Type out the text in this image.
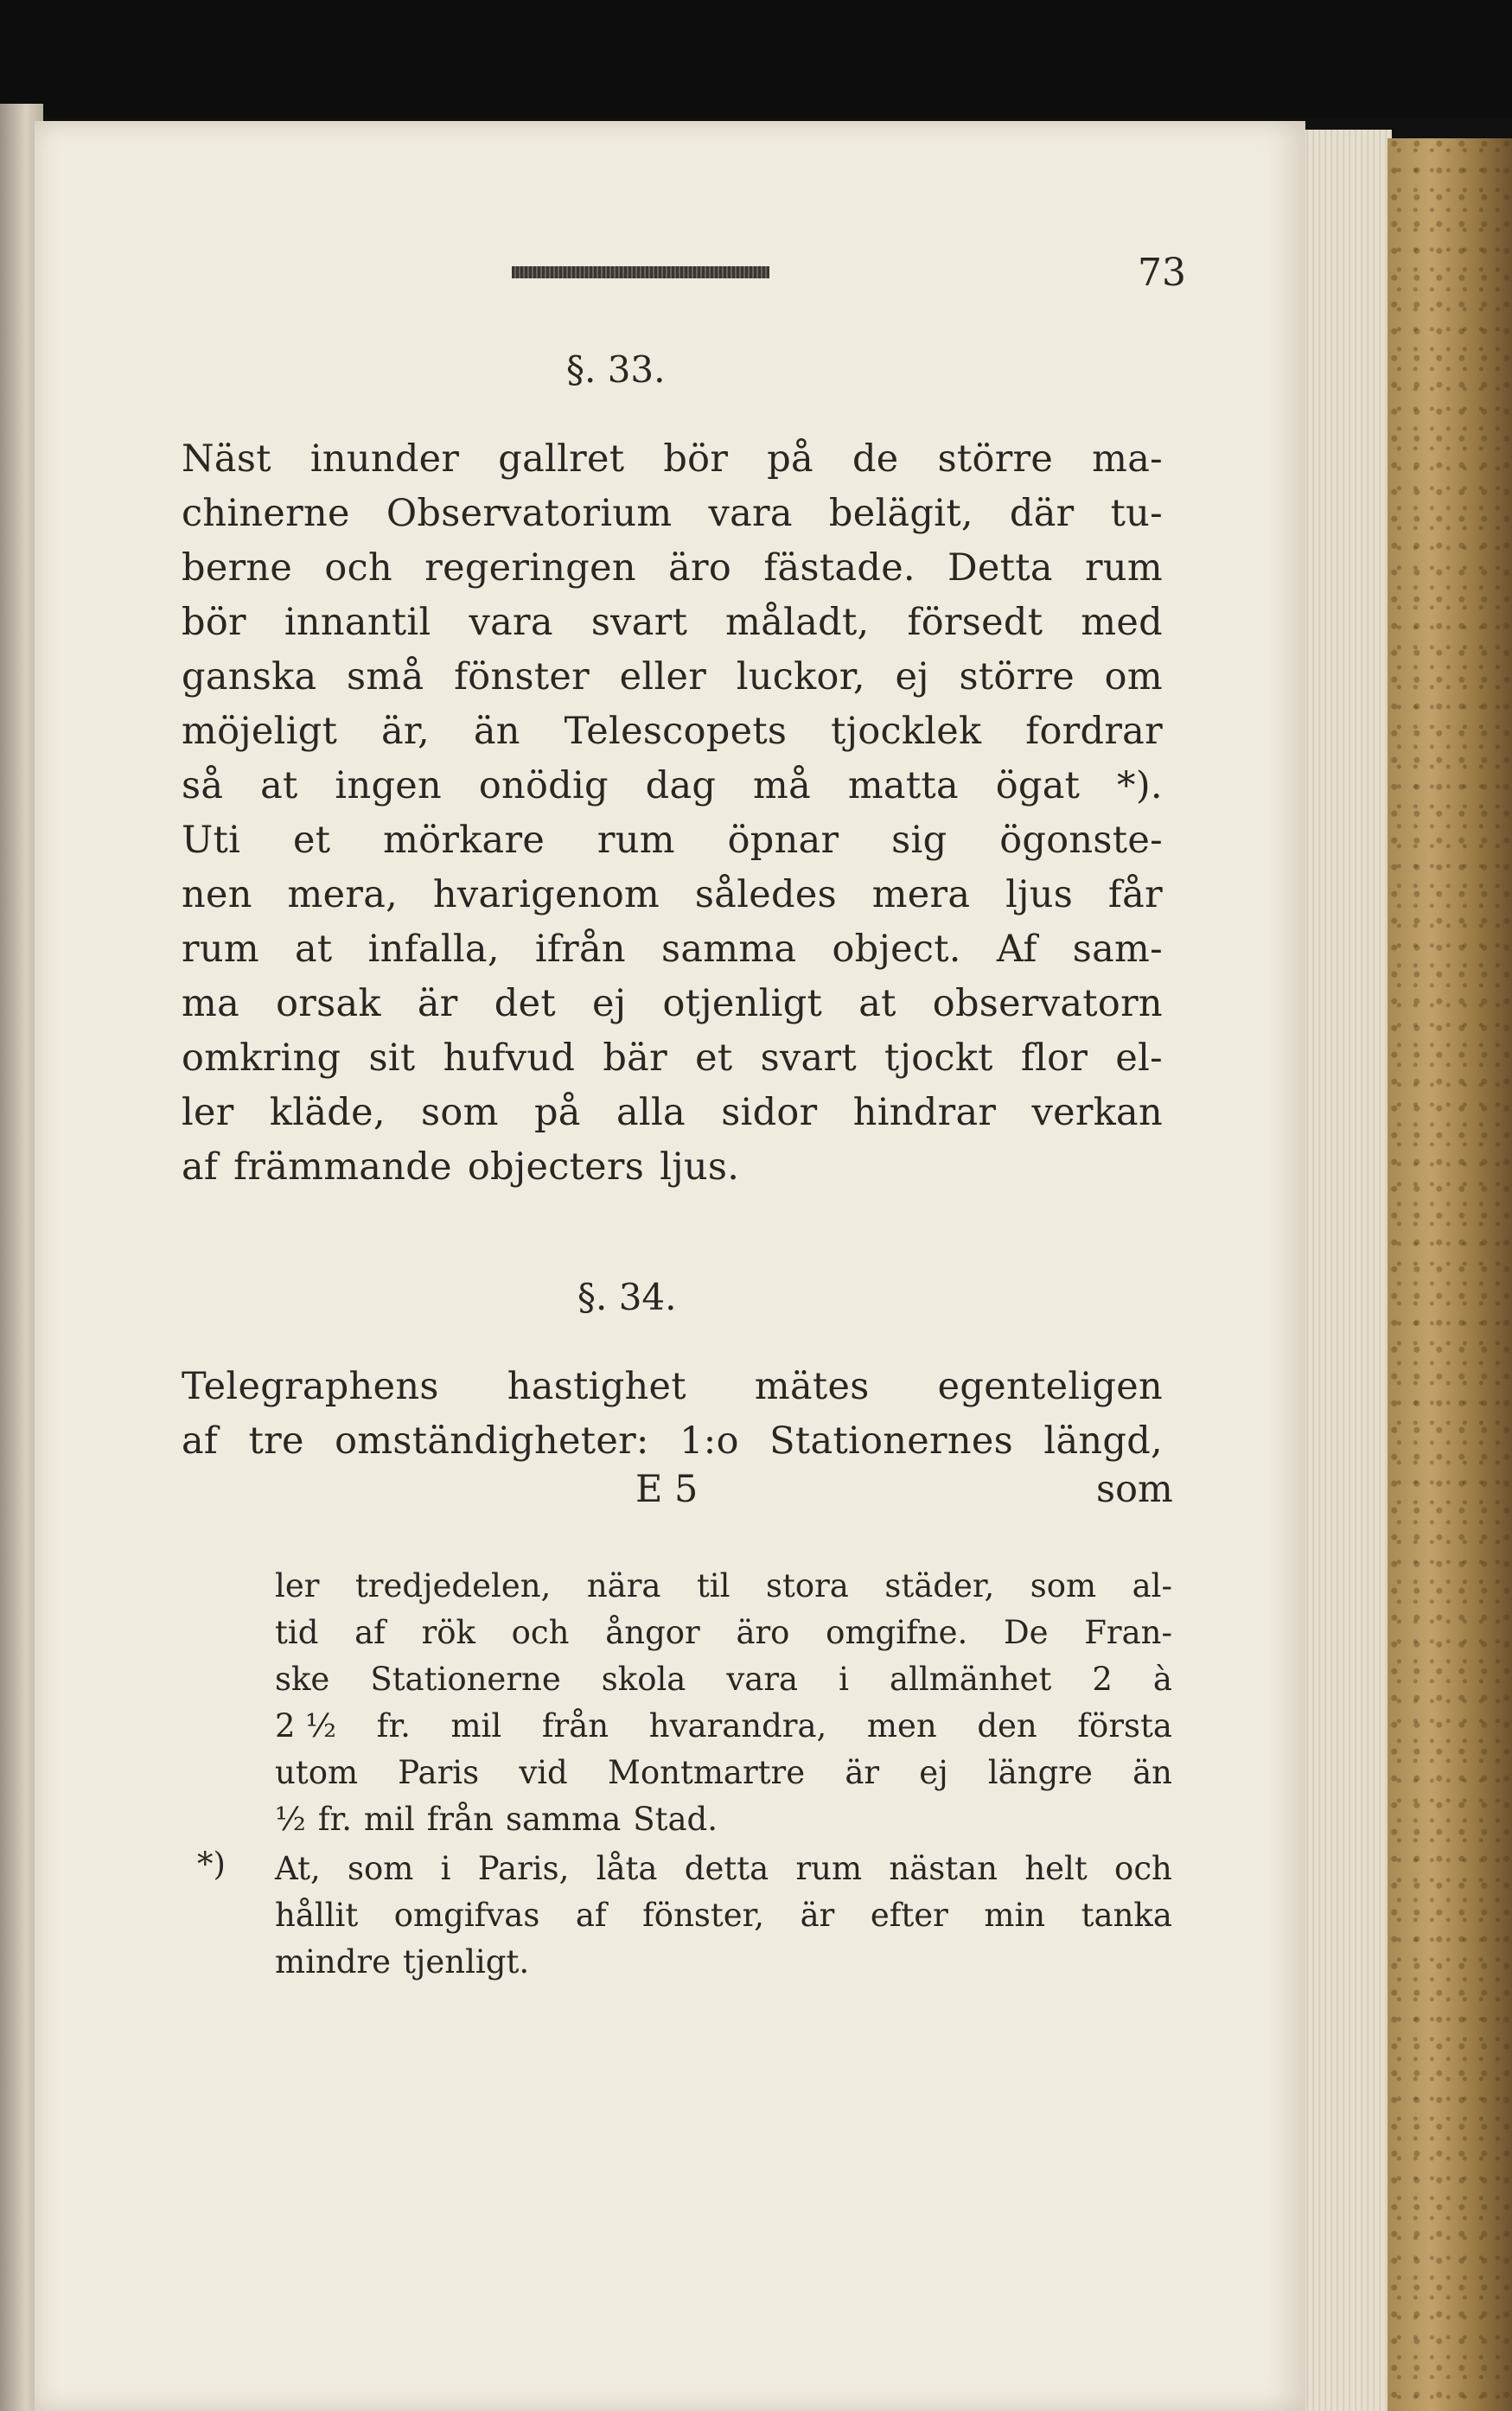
73
§. 33.
Näst inunder gallret bör på de större ma-
chinerne Observatorium vara belägit, där tu-
berne och regeringen äro fästade. Detta rum
bör innantil vara svart måladt, försedt med
ganska små fönster eller luckor, ej större om
möjeligt är, än Telescopets tjocklek fordrar
så at ingen onödig dag må matta ögat *).
Uti et mörkare rum öpnar sig ögonste-
nen mera, hvarigenom således mera ljus får
rum at infalla, ifrån samma object. Af sam-
ma orsak är det ej otjenligt at observatorn
omkring sit hufvud bär et svart tjockt flor el-
ler kläde, som på alla sidor hindrar verkan
af främmande objecters ljus.
§. 34.
Telegraphens hastighet mätes egenteligen
af tre omständigheter: 1:o Stationernes längd,
E 5	som
ler tredjedelen, nära til stora städer, som al-
tid af rök och ångor äro omgifne. De Fran-
ske Stationerne skola vara i allmänhet 2 à
2 ½ fr. mil från hvarandra, men den första
utom Paris vid Montmartre är ej längre än
½ fr. mil från samma Stad.
*) At, som i Paris, låta detta rum nästan helt och
hållit omgifvas af fönster, är efter min tanka
mindre tjenligt.
